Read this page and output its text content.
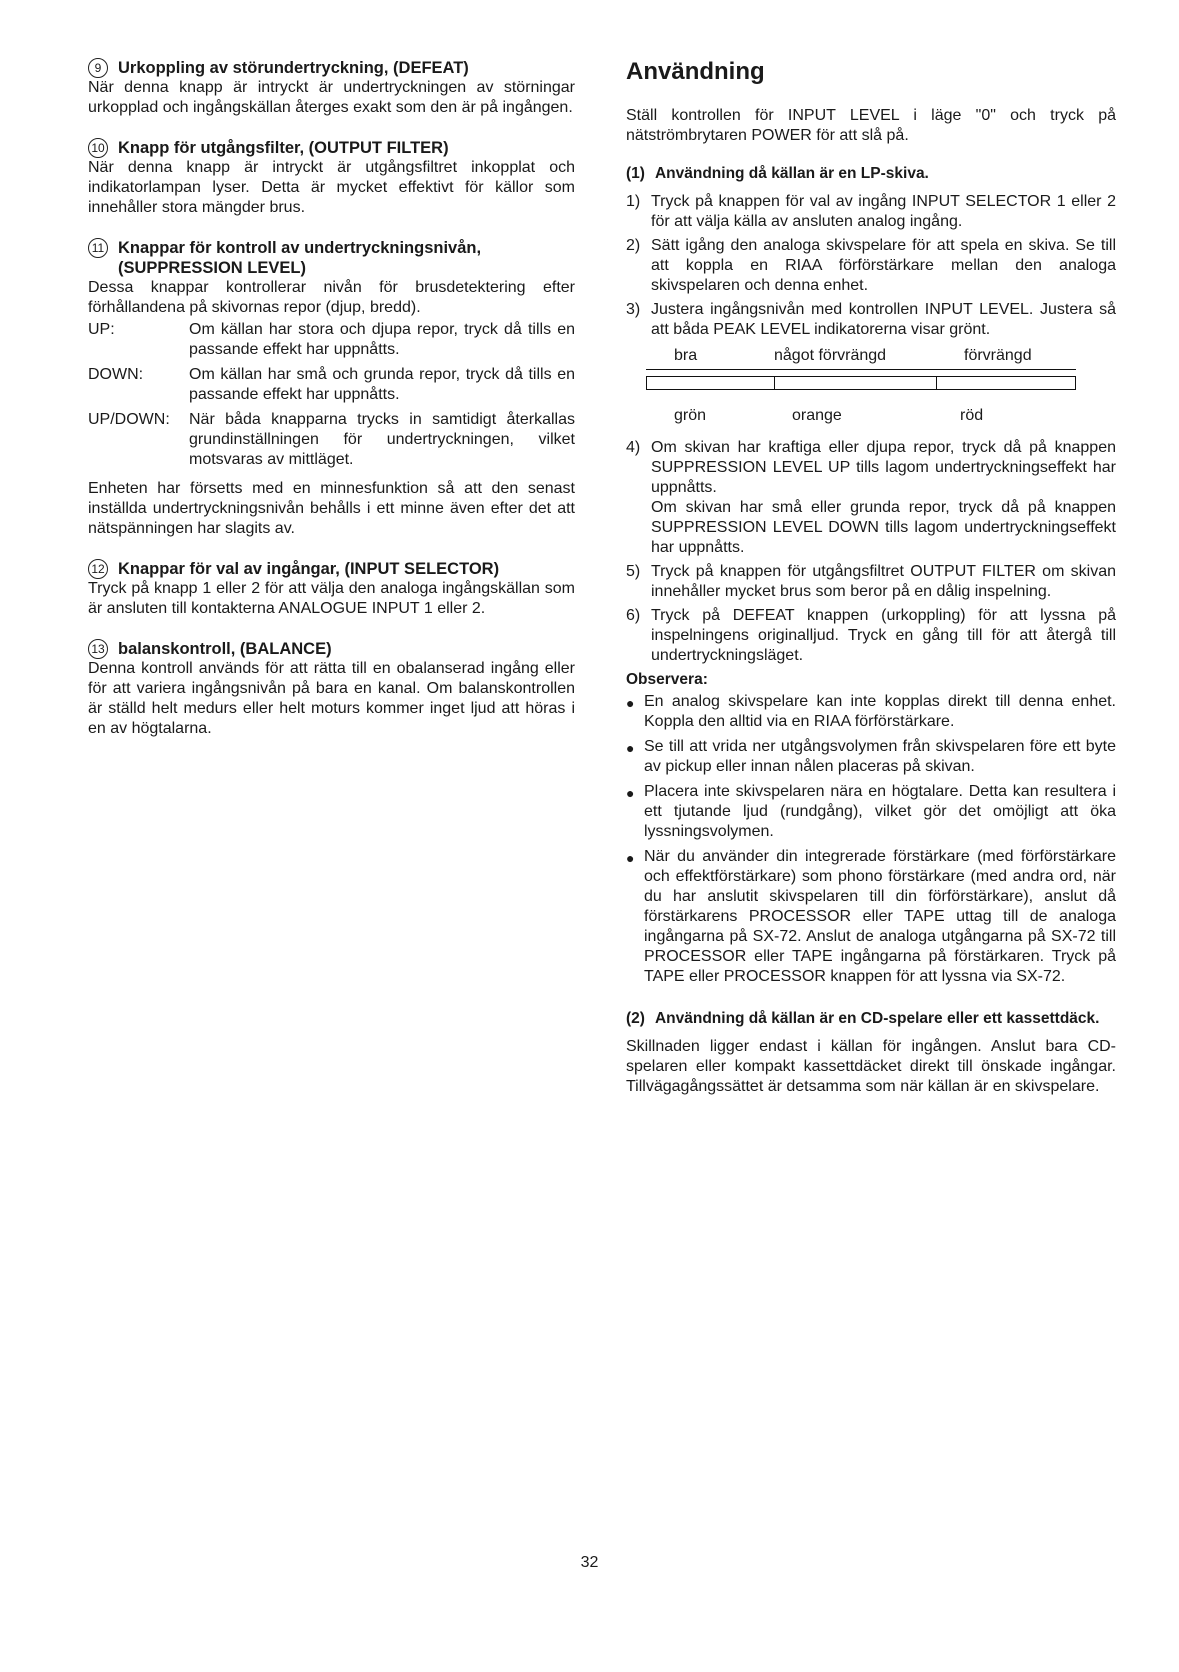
9	Urkoppling av störundertryckning, (DEFEAT)

När denna knapp är intryckt är undertryckningen av störningar urkopplad och ingångskällan återges exakt som den är på ingången.

10 Knapp för utgångsfilter, (OUTPUT FILTER)

När denna knapp är intryckt är utgångsfiltret inkopplat och indikatorlampan lyser. Detta är mycket effektivt för källor som innehåller stora mängder brus.

11 Knappar för kontroll av undertryckningsnivån, (SUPPRESSION LEVEL)

Dessa knappar kontrollerar nivån för brusdetektering efter förhållandena på skivornas repor (djup, bredd).

UP:	Om källan har stora och djupa repor, tryck då tills en passande effekt har uppnåtts.
DOWN:	Om källan har små och grunda repor, tryck då tills en passande effekt har uppnåtts.
UP/DOWN:	När båda knapparna trycks in samtidigt återkallas grundinställningen för undertryckningen, vilket motsvaras av mittläget.

Enheten har försetts med en minnesfunktion så att den senast inställda undertryckningsnivån behålls i ett minne även efter det att nätspänningen har slagits av.

12 Knappar för val av ingångar, (INPUT SELECTOR)

Tryck på knapp 1 eller 2 för att välja den analoga ingångskällan som är ansluten till kontakterna ANALOGUE INPUT 1 eller 2.

13 balanskontroll, (BALANCE)

Denna kontroll används för att rätta till en obalanserad ingång eller för att variera ingångsnivån på bara en kanal. Om balanskontrollen är ställd helt medurs eller helt moturs kommer inget ljud att höras i en av högtalarna.

Användning

Ställ kontrollen för INPUT LEVEL i läge "0" och tryck på nätströmbrytaren POWER för att slå på.

(1) Användning då källan är en LP-skiva.
1) Tryck på knappen för val av ingång INPUT SELECTOR 1 eller 2 för att välja källa av ansluten analog ingång.
2) Sätt igång den analoga skivspelare för att spela en skiva. Se till att koppla en RIAA förförstärkare mellan den analoga skivspelaren och denna enhet.
3) Justera ingångsnivån med kontrollen INPUT LEVEL. Justera så att båda PEAK LEVEL indikatorerna visar grönt.
bra	något förvrängd	förvrängd
grön	orange	röd
4) Om skivan har kraftiga eller djupa repor, tryck då på knappen SUPPRESSION LEVEL UP tills lagom undertryckningseffekt har uppnåtts.
Om skivan har små eller grunda repor, tryck då på knappen SUPPRESSION LEVEL DOWN tills lagom undertryckningseffekt har uppnåtts.
5) Tryck på knappen för utgångsfiltret OUTPUT FILTER om skivan innehåller mycket brus som beror på en dålig inspelning.
6) Tryck på DEFEAT knappen (urkoppling) för att lyssna på inspelningens originalljud. Tryck en gång till för att återgå till undertryckningsläget.
Observera:
● En analog skivspelare kan inte kopplas direkt till denna enhet. Koppla den alltid via en RIAA förförstärkare.
● Se till att vrida ner utgångsvolymen från skivspelaren före ett byte av pickup eller innan nålen placeras på skivan.
● Placera inte skivspelaren nära en högtalare. Detta kan resultera i ett tjutande ljud (rundgång), vilket gör det omöjligt att öka lyssningsvolymen.
● När du använder din integrerade förstärkare (med förförstärkare och effektförstärkare) som phono förstärkare (med andra ord, när du har anslutit skivspelaren till din förförstärkare), anslut då förstärkarens PROCESSOR eller TAPE uttag till de analoga ingångarna på SX-72. Anslut de analoga utgångarna på SX-72 till PROCESSOR eller TAPE ingångarna på förstärkaren. Tryck på TAPE eller PROCESSOR knappen för att lyssna via SX-72.
(2) Användning då källan är en CD-spelare eller ett kassettdäck.

Skillnaden ligger endast i källan för ingången. Anslut bara CD-spelaren eller kompakt kassettdäcket direkt till önskade ingångar. Tillvägagångssättet är detsamma som när källan är en skivspelare.

32
